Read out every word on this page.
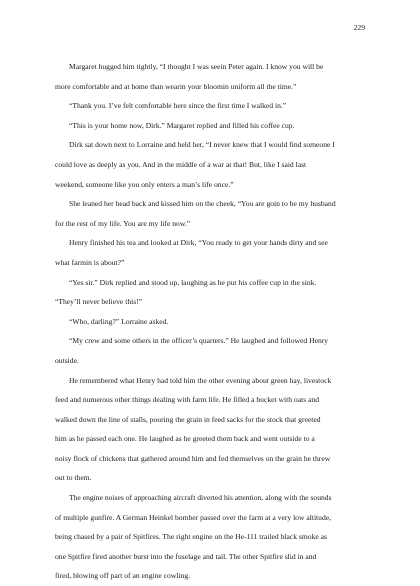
229

Margaret hugged him tightly, “I thought I was seein Peter again. I know you will be

more comfortable and at home than wearin your bloomin uniform all the time.”

“Thank you. I’ve felt comfortable here since the first time I walked in.”

“This is your home now, Dirk.” Margaret replied and filled his coffee cup.

Dirk sat down next to Lorraine and held her, “I never knew that I would find someone I

could love as deeply as you. And in the middle of a war at that! But, like I said last

weekend, someone like you only enters a man’s life once.”

She leaned her head back and kissed him on the cheek, “You are goin to be my husband

for the rest of my life. You are my life now.”

Henry finished his tea and looked at Dirk, “You ready to get your hands dirty and see

what farmin is about?”

“Yes sir.” Dirk replied and stood up, laughing as he put his coffee cup in the sink.

“They’ll never believe this!”

“Who, darling?” Lorraine asked.

“My crew and some others in the officer’s quarters.” He laughed and followed Henry

outside.

He remembered what Henry had told him the other evening about green hay, livestock

feed and numerous other things dealing with farm life. He filled a bucket with oats and

walked down the line of stalls, pouring the grain in feed sacks for the stock that greeted

him as he passed each one. He laughed as he greeted them back and went outside to a

noisy flock of chickens that gathered around him and fed themselves on the grain he threw

out to them.

The engine noises of approaching aircraft diverted his attention, along with the sounds

of multiple gunfire. A German Heinkel bomber passed over the farm at a very low altitude,

being chased by a pair of Spitfires. The right engine on the He-111 trailed black smoke as

one Spitfire fired another burst into the fuselage and tail. The other Spitfire slid in and

fired, blowing off part of an engine cowling.
